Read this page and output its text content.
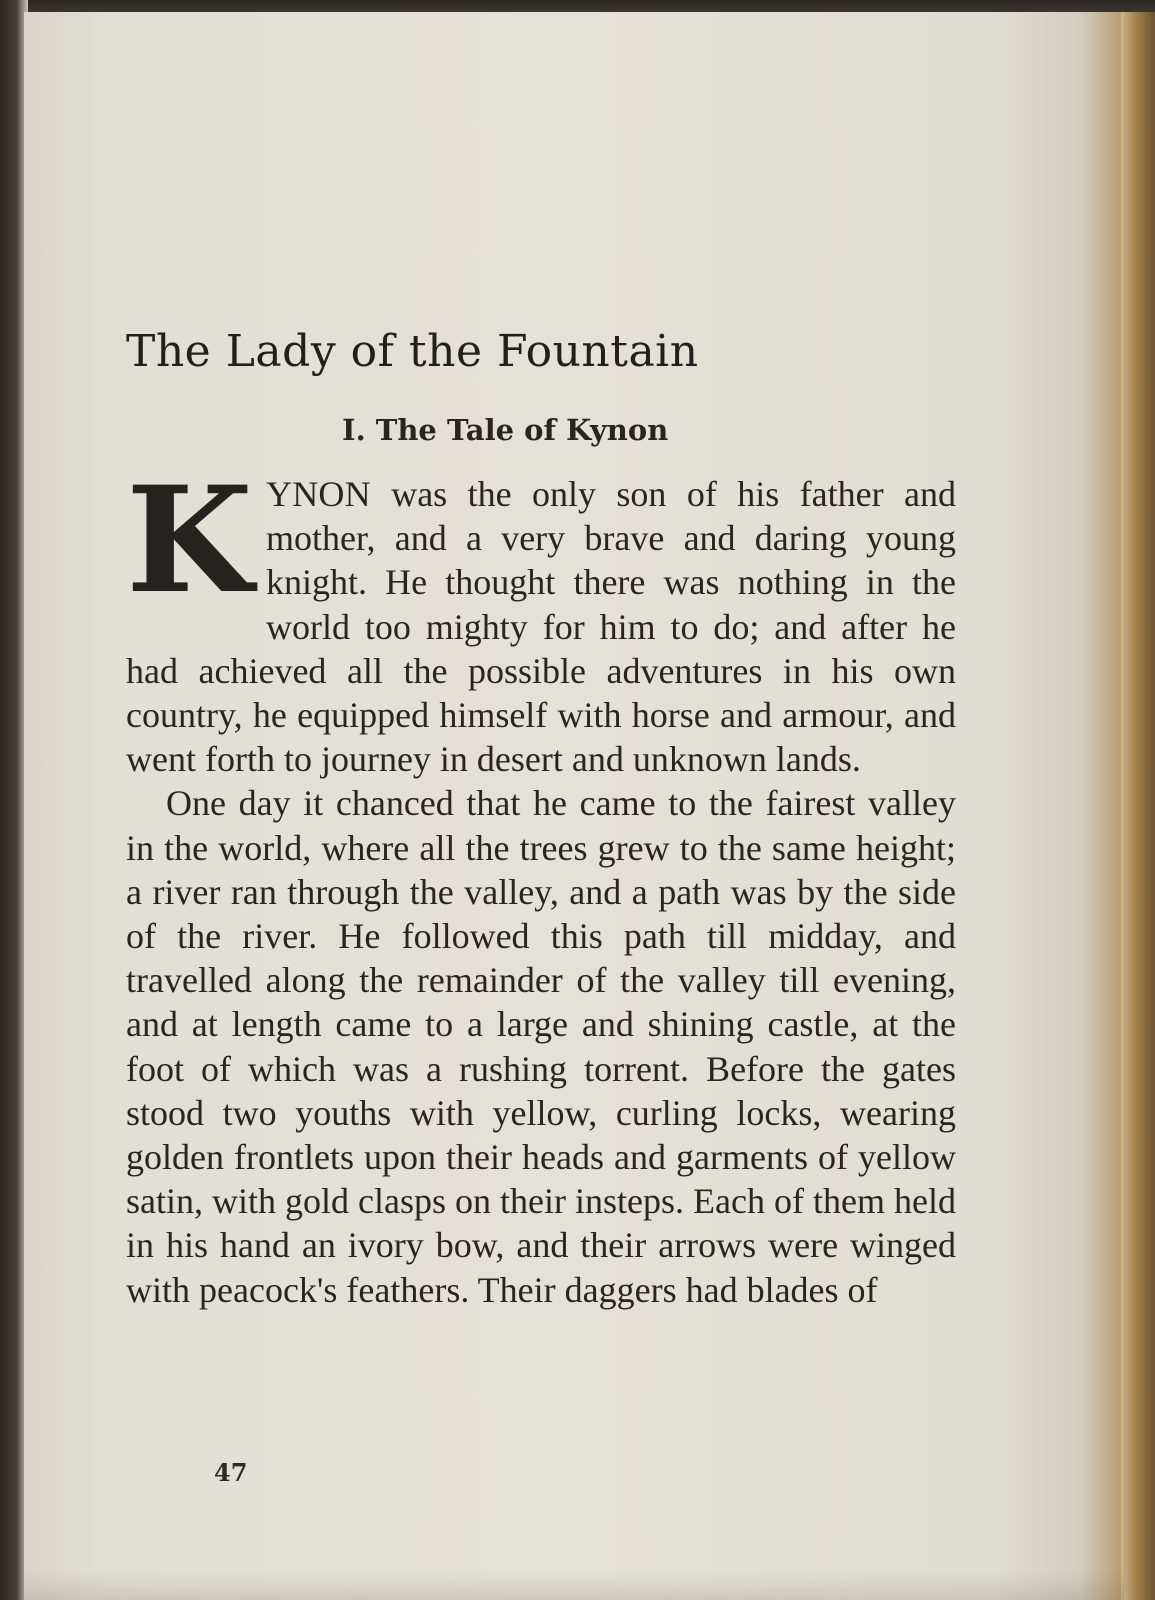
The Lady of the Fountain
I. The Tale of Kynon

KYNON was the only son of his father and mother, and a very brave and daring young knight. He thought there was nothing in the world too mighty for him to do; and after he had achieved all the possible adventures in his own country, he equipped himself with horse and armour, and went forth to journey in desert and unknown lands.

One day it chanced that he came to the fairest valley in the world, where all the trees grew to the same height; a river ran through the valley, and a path was by the side of the river. He followed this path till midday, and travelled along the remainder of the valley till evening, and at length came to a large and shining castle, at the foot of which was a rushing torrent. Before the gates stood two youths with yellow, curling locks, wearing golden frontlets upon their heads and garments of yellow satin, with gold clasps on their insteps. Each of them held in his hand an ivory bow, and their arrows were winged with peacock's feathers. Their daggers had blades of

47
